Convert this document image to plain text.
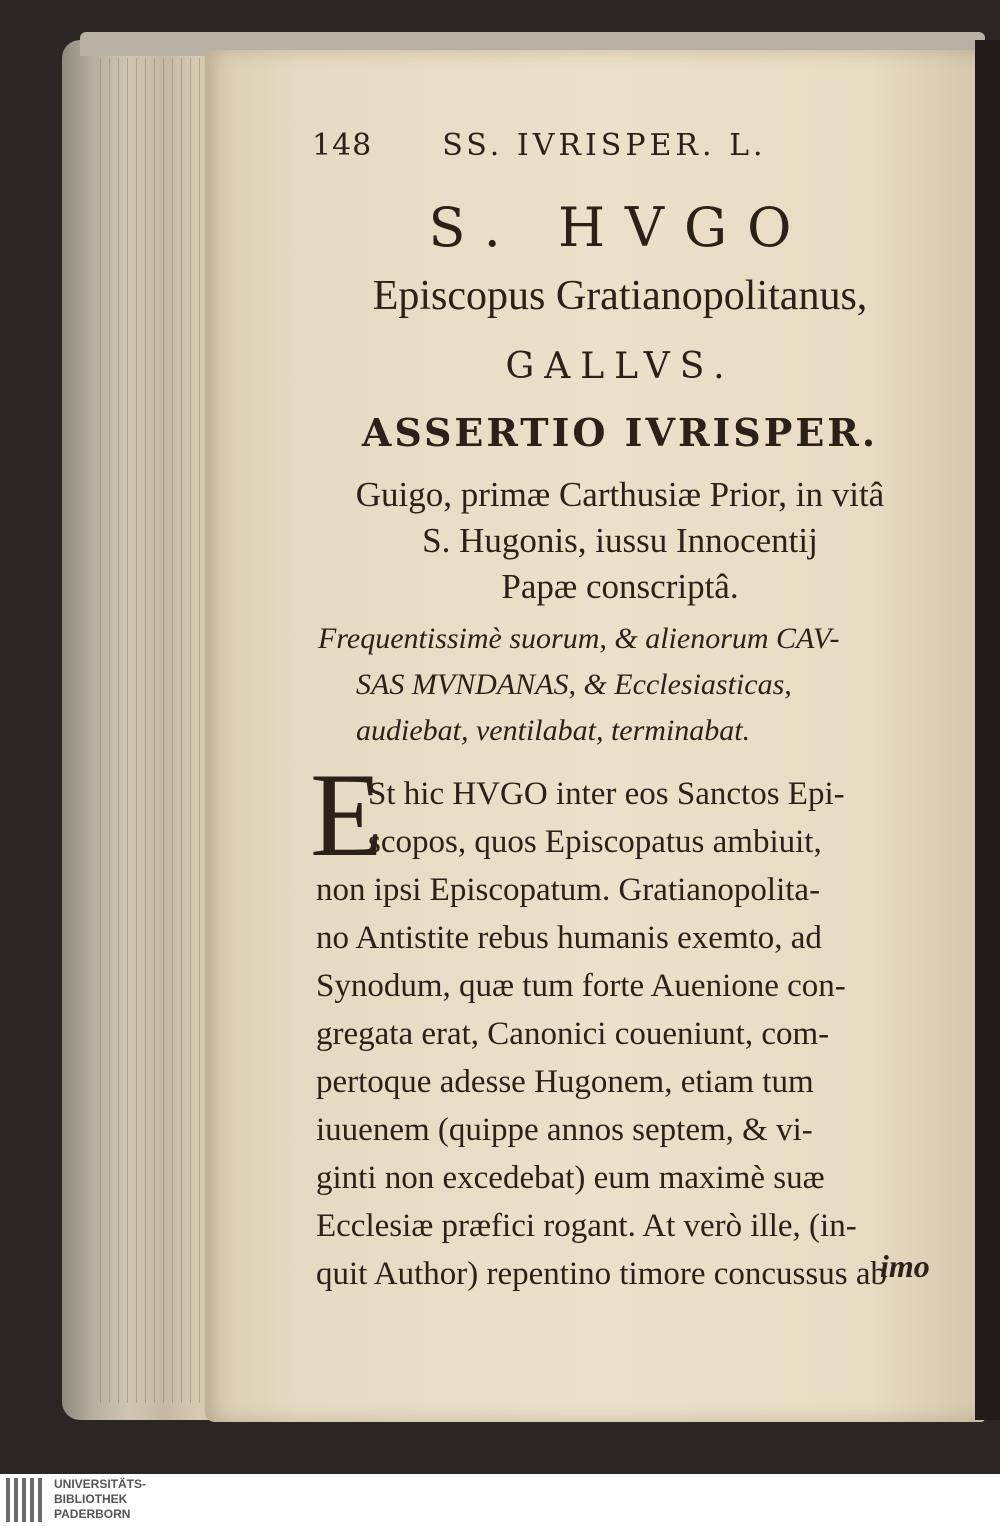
148 SS. IVRISPER. L.
S. HVGO
Episcopus Gratianopolitanus,
GALLVS.
ASSERTIO IVRISPER.
Guigo, primæ Carthusiæ Prior, in vitâ
S. Hugonis, iussu Innocentij
Papæ conscriptâ.
Frequentissimè suorum, & alienorum CAV-
SAS MVNDANAS, & Ecclesiasticas,
audiebat, ventilabat, terminabat.
E
St hic HVGO inter eos Sanctos Epi-
scopos, quos Episcopatus ambiuit,
non ipsi Episcopatum. Gratianopolita-
no Antistite rebus humanis exemto, ad
Synodum, quæ tum forte Auenione con-
gregata erat, Canonici coueniunt, com-
pertoque adesse Hugonem, etiam tum
iuuenem (quippe annos septem, & vi-
ginti non excedebat) eum maximè suæ
Ecclesiæ præfici rogant. At verò ille, (in-
quit Author) repentino timore concussus ab
imo
UNIVERSITÄTS-
BIBLIOTHEK
PADERBORN
